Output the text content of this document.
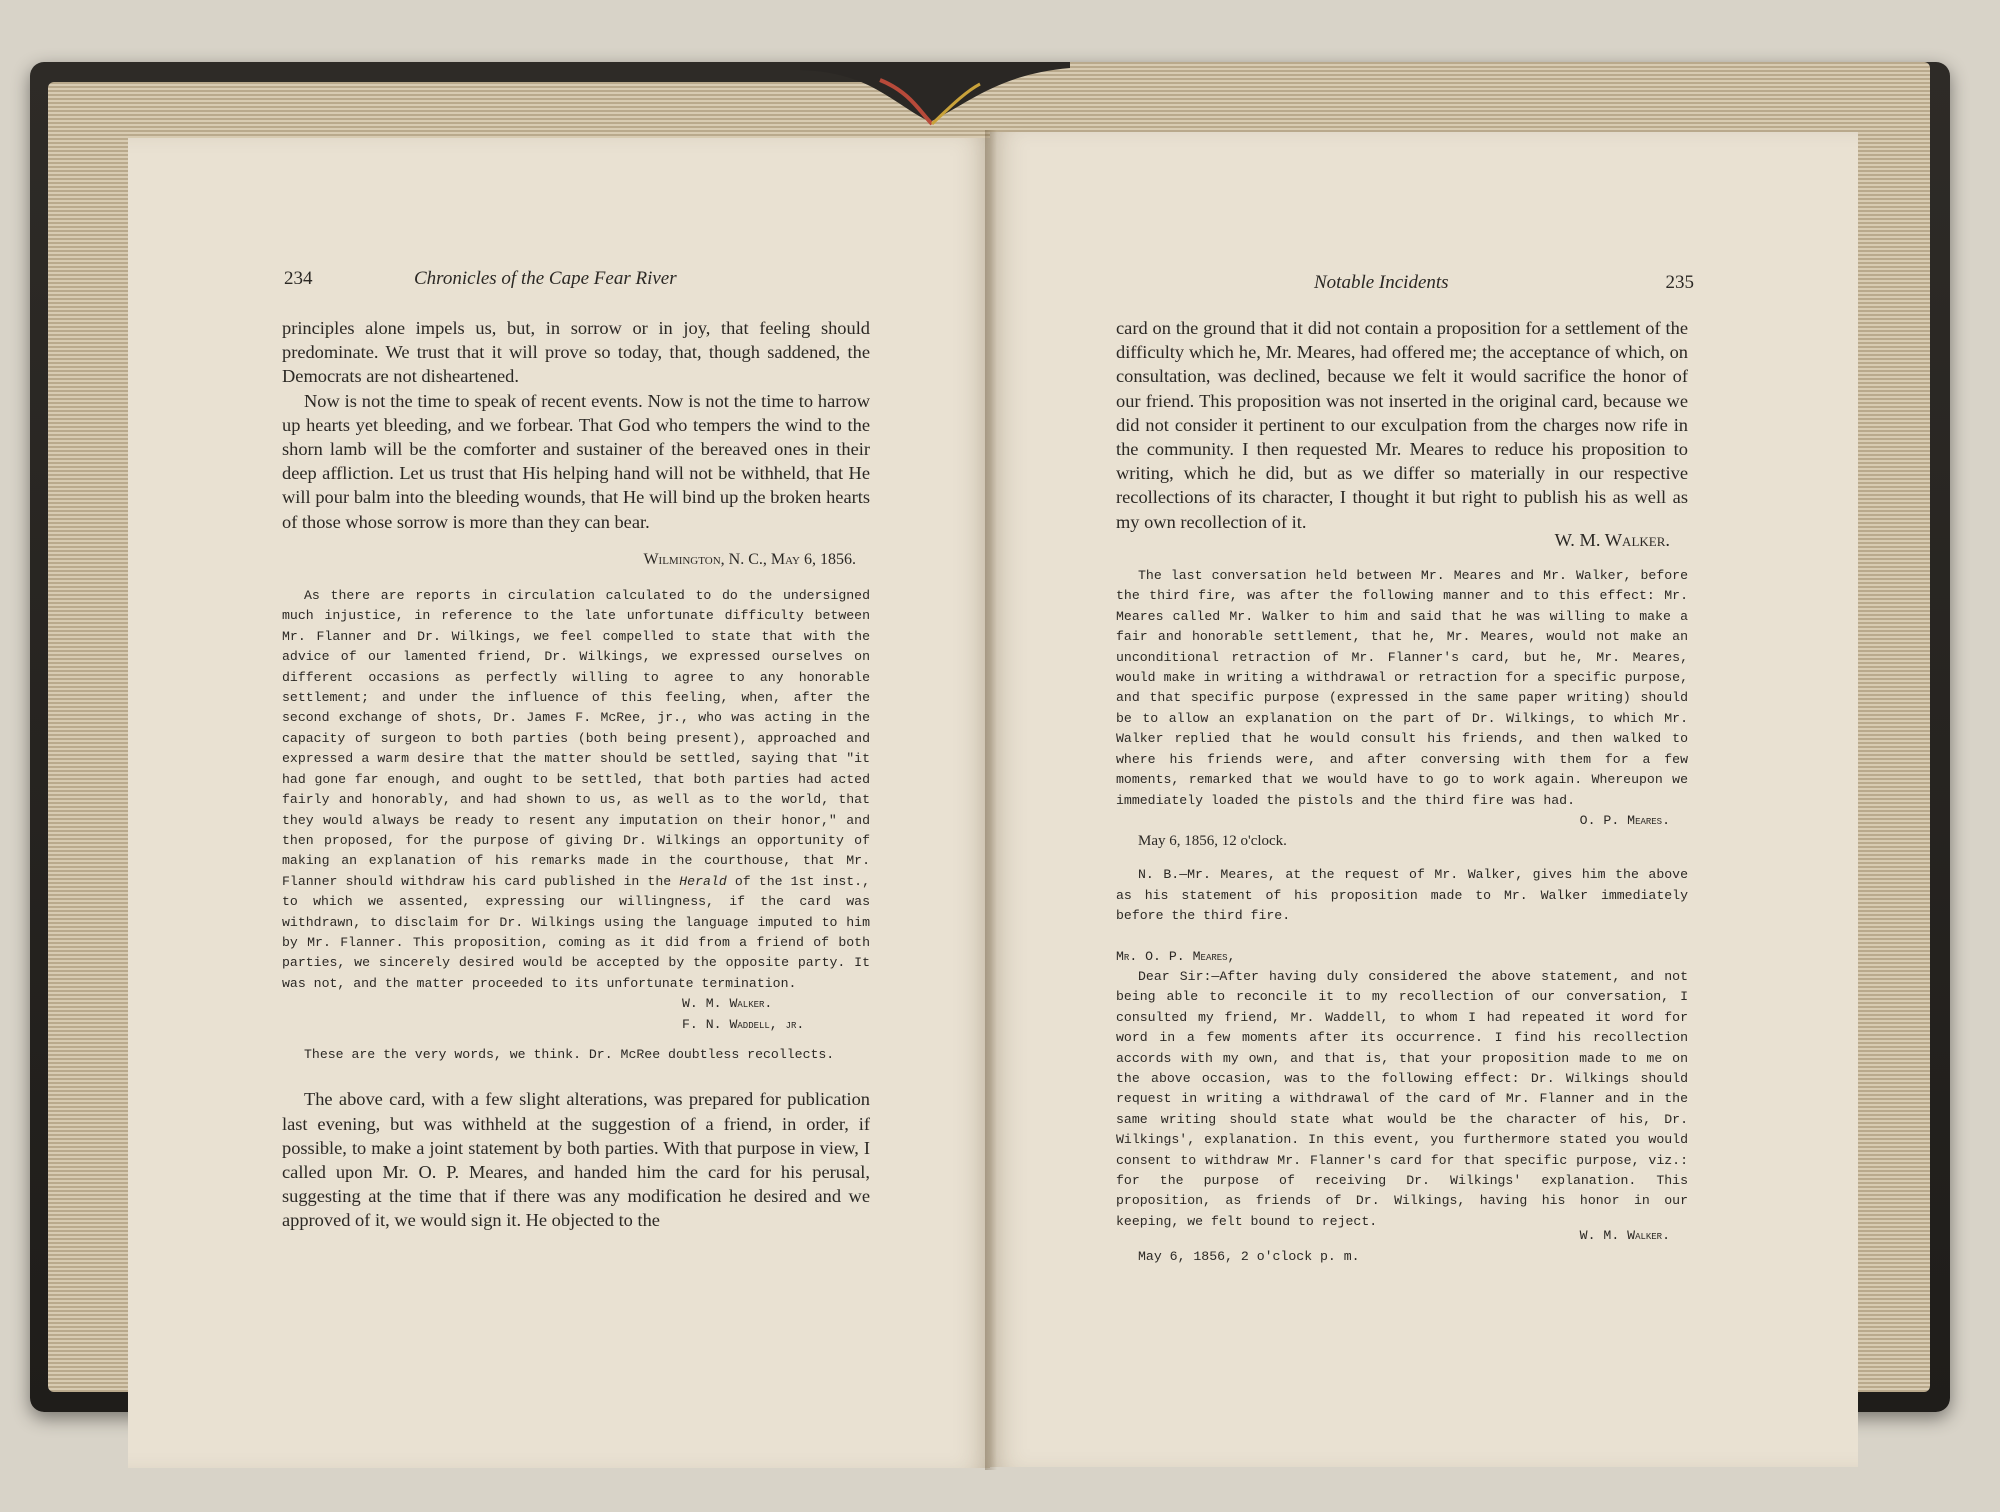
234	Chronicles of the Cape Fear River

principles alone impels us, but, in sorrow or in joy, that feeling should predominate. We trust that it will prove so today, that, though saddened, the Democrats are not disheartened.

Now is not the time to speak of recent events. Now is not the time to harrow up hearts yet bleeding, and we forbear. That God who tempers the wind to the shorn lamb will be the comforter and sustainer of the bereaved ones in their deep affliction. Let us trust that His helping hand will not be withheld, that He will pour balm into the bleeding wounds, that He will bind up the broken hearts of those whose sorrow is more than they can bear.

Wilmington, N. C., May 6, 1856.

As there are reports in circulation calculated to do the undersigned much injustice, in reference to the late unfortunate difficulty between Mr. Flanner and Dr. Wilkings, we feel compelled to state that with the advice of our lamented friend, Dr. Wilkings, we expressed ourselves on different occasions as perfectly willing to agree to any honorable settlement; and under the influence of this feeling, when, after the second exchange of shots, Dr. James F. McRee, jr., who was acting in the capacity of surgeon to both parties (both being present), approached and expressed a warm desire that the matter should be settled, saying that "it had gone far enough, and ought to be settled, that both parties had acted fairly and honorably, and had shown to us, as well as to the world, that they would always be ready to resent any imputation on their honor," and then proposed, for the purpose of giving Dr. Wilkings an opportunity of making an explanation of his remarks made in the courthouse, that Mr. Flanner should withdraw his card published in the Herald of the 1st inst., to which we assented, expressing our willingness, if the card was withdrawn, to disclaim for Dr. Wilkings using the language imputed to him by Mr. Flanner. This proposition, coming as it did from a friend of both parties, we sincerely desired would be accepted by the opposite party. It was not, and the matter proceeded to its unfortunate termination.

W. M. Walker.

F. N. Waddell, jr.

These are the very words, we think. Dr. McRee doubtless recollects.

The above card, with a few slight alterations, was prepared for publication last evening, but was withheld at the suggestion of a friend, in order, if possible, to make a joint statement by both parties. With that purpose in view, I called upon Mr. O. P. Meares, and handed him the card for his perusal, suggesting at the time that if there was any modification he desired and we approved of it, we would sign it. He objected to the

Notable Incidents	235

card on the ground that it did not contain a proposition for a settlement of the difficulty which he, Mr. Meares, had offered me; the acceptance of which, on consultation, was declined, because we felt it would sacrifice the honor of our friend. This proposition was not inserted in the original card, because we did not consider it pertinent to our exculpation from the charges now rife in the community. I then requested Mr. Meares to reduce his proposition to writing, which he did, but as we differ so materially in our respective recollections of its character, I thought it but right to publish his as well as my own recollection of it.

W. M. Walker.

The last conversation held between Mr. Meares and Mr. Walker, before the third fire, was after the following manner and to this effect: Mr. Meares called Mr. Walker to him and said that he was willing to make a fair and honorable settlement, that he, Mr. Meares, would not make an unconditional retraction of Mr. Flanner's card, but he, Mr. Meares, would make in writing a withdrawal or retraction for a specific purpose, and that specific purpose (expressed in the same paper writing) should be to allow an explanation on the part of Dr. Wilkings, to which Mr. Walker replied that he would consult his friends, and then walked to where his friends were, and after conversing with them for a few moments, remarked that we would have to go to work again. Whereupon we immediately loaded the pistols and the third fire was had.

O. P. Meares.

May 6, 1856, 12 o'clock.

N. B.—Mr. Meares, at the request of Mr. Walker, gives him the above as his statement of his proposition made to Mr. Walker immediately before the third fire.

Mr. O. P. Meares,

Dear Sir:—After having duly considered the above statement, and not being able to reconcile it to my recollection of our conversation, I consulted my friend, Mr. Waddell, to whom I had repeated it word for word in a few moments after its occurrence. I find his recollection accords with my own, and that is, that your proposition made to me on the above occasion, was to the following effect: Dr. Wilkings should request in writing a withdrawal of the card of Mr. Flanner and in the same writing should state what would be the character of his, Dr. Wilkings', explanation. In this event, you furthermore stated you would consent to withdraw Mr. Flanner's card for that specific purpose, viz.: for the purpose of receiving Dr. Wilkings' explanation. This proposition, as friends of Dr. Wilkings, having his honor in our keeping, we felt bound to reject.

W. M. Walker.

May 6, 1856, 2 o'clock p. m.
